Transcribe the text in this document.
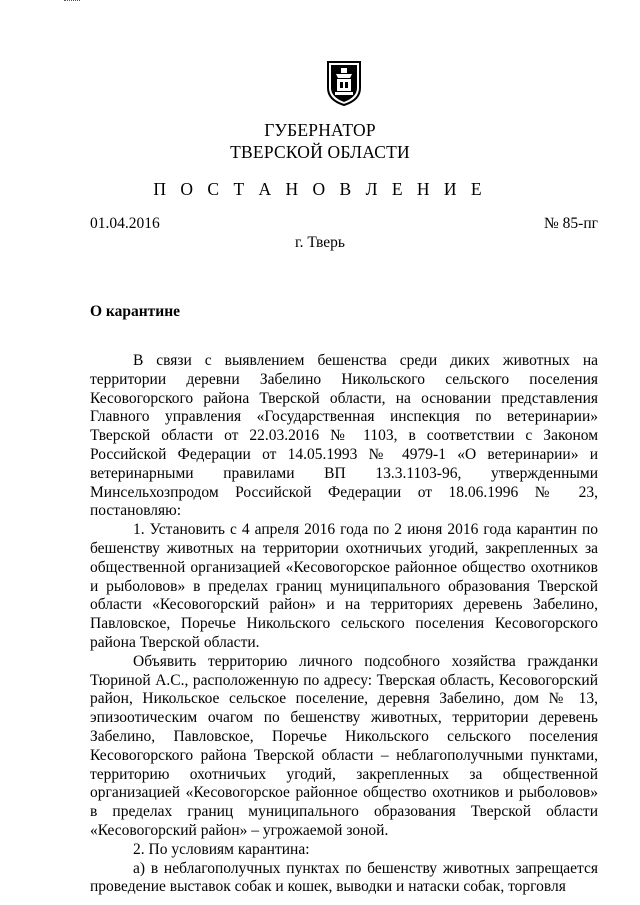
ГУБЕРНАТОР
ТВЕРСКОЙ ОБЛАСТИ
П О С Т А Н О В Л Е Н И Е
01.04.2016	№ 85-пг
г. Тверь
О карантине

В связи с выявлением бешенства среди диких животных на территории деревни Забелино Никольского сельского поселения Кесовогорского района Тверской области, на основании представления Главного управления «Государственная инспекция по ветеринарии» Тверской области от 22.03.2016 № 1103, в соответствии с Законом Российской Федерации от 14.05.1993 № 4979-1 «О ветеринарии» и ветеринарными правилами ВП 13.3.1103-96, утвержденными Минсельхозпродом Российской Федерации от 18.06.1996 № 23, постановляю:

1. Установить с 4 апреля 2016 года по 2 июня 2016 года карантин по бешенству животных на территории охотничьих угодий, закрепленных за общественной организацией «Кесовогорское районное общество охотников и рыболовов» в пределах границ муниципального образования Тверской области «Кесовогорский район» и на территориях деревень Забелино, Павловское, Поречье Никольского сельского поселения Кесовогорского района Тверской области.

Объявить территорию личного подсобного хозяйства гражданки Тюриной А.С., расположенную по адресу: Тверская область, Кесовогорский район, Никольское сельское поселение, деревня Забелино, дом № 13, эпизоотическим очагом по бешенству животных, территории деревень Забелино, Павловское, Поречье Никольского сельского поселения Кесовогорского района Тверской области – неблагополучными пунктами, территорию охотничьих угодий, закрепленных за общественной организацией «Кесовогорское районное общество охотников и рыболовов» в пределах границ муниципального образования Тверской области «Кесовогорский район» – угрожаемой зоной.

2. По условиям карантина:

а) в неблагополучных пунктах по бешенству животных запрещается проведение выставок собак и кошек, выводки и натаски собак, торговля
